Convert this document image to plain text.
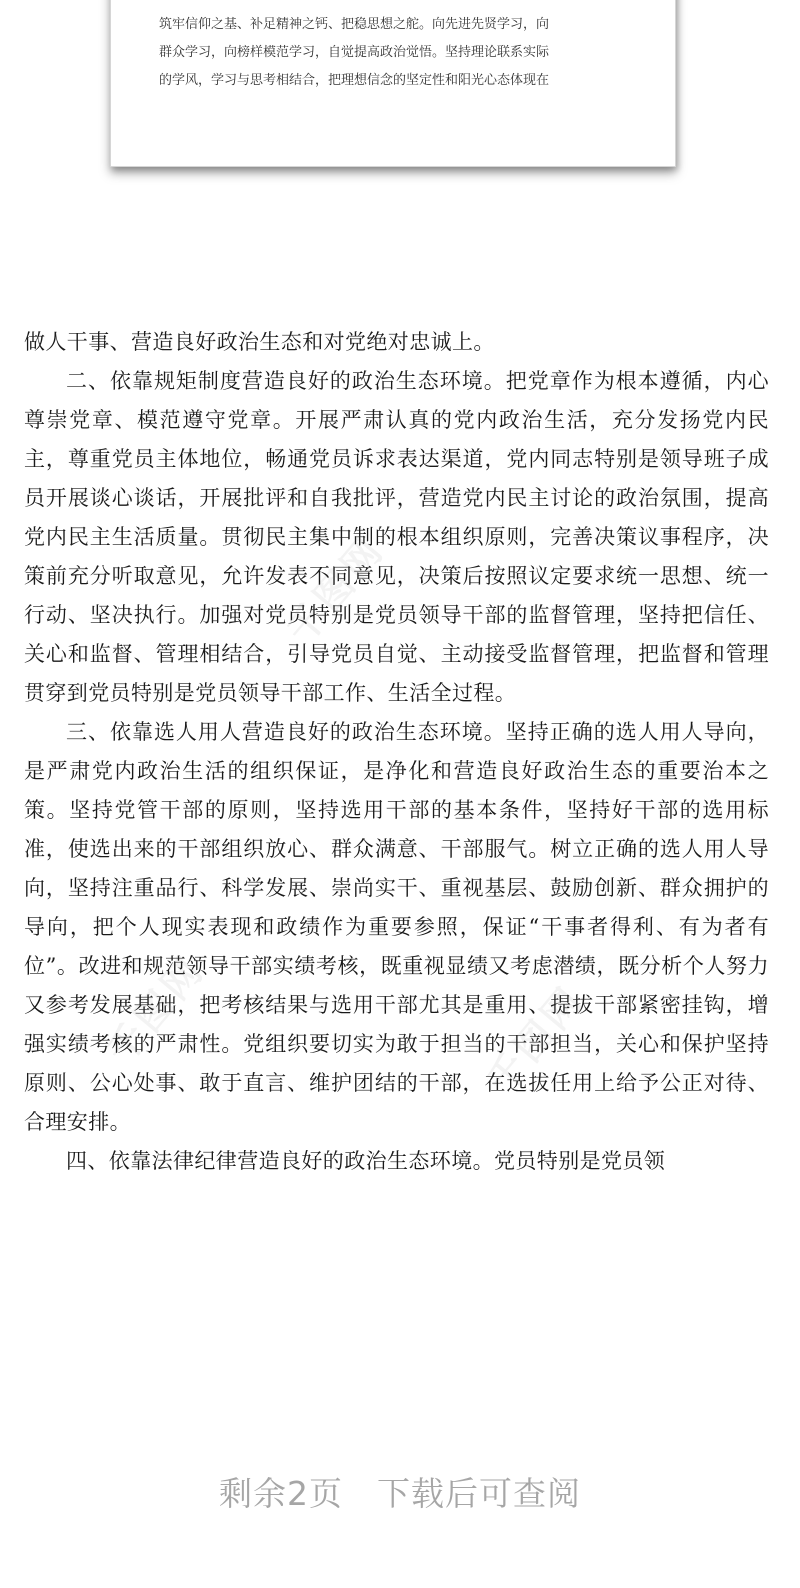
筑牢信仰之基、补足精神之钙、把稳思想之舵。向先进先贤学习，向
群众学习，向榜样模范学习，自觉提高政治觉悟。坚持理论联系实际
的学风，学习与思考相结合，把理想信念的坚定性和阳光心态体现在

做人干事、营造良好政治生态和对党绝对忠诚上。

二、依靠规矩制度营造良好的政治生态环境。把党章作为根本遵循，内心尊崇党章、模范遵守党章。开展严肃认真的党内政治生活，充分发扬党内民主，尊重党员主体地位，畅通党员诉求表达渠道，党内同志特别是领导班子成员开展谈心谈话，开展批评和自我批评，营造党内民主讨论的政治氛围，提高党内民主生活质量。贯彻民主集中制的根本组织原则，完善决策议事程序，决策前充分听取意见，允许发表不同意见，决策后按照议定要求统一思想、统一行动、坚决执行。加强对党员特别是党员领导干部的监督管理，坚持把信任、关心和监督、管理相结合，引导党员自觉、主动接受监督管理，把监督和管理贯穿到党员特别是党员领导干部工作、生活全过程。

三、依靠选人用人营造良好的政治生态环境。坚持正确的选人用人导向，是严肃党内政治生活的组织保证，是净化和营造良好政治生态的重要治本之策。坚持党管干部的原则，坚持选用干部的基本条件，坚持好干部的选用标准，使选出来的干部组织放心、群众满意、干部服气。树立正确的选人用人导向，坚持注重品行、科学发展、崇尚实干、重视基层、鼓励创新、群众拥护的导向，把个人现实表现和政绩作为重要参照，保证“干事者得利、有为者有位”。改进和规范领导干部实绩考核，既重视显绩又考虑潜绩，既分析个人努力又参考发展基础，把考核结果与选用干部尤其是重用、提拔干部紧密挂钩，增强实绩考核的严肃性。党组织要切实为敢于担当的干部担当，关心和保护坚持原则、公心处事、敢于直言、维护团结的干部，在选拔任用上给予公正对待、合理安排。

四、依靠法律纪律营造良好的政治生态环境。党员特别是党员领

千图网
千图网	千图网
剩余2页 下载后可查阅
